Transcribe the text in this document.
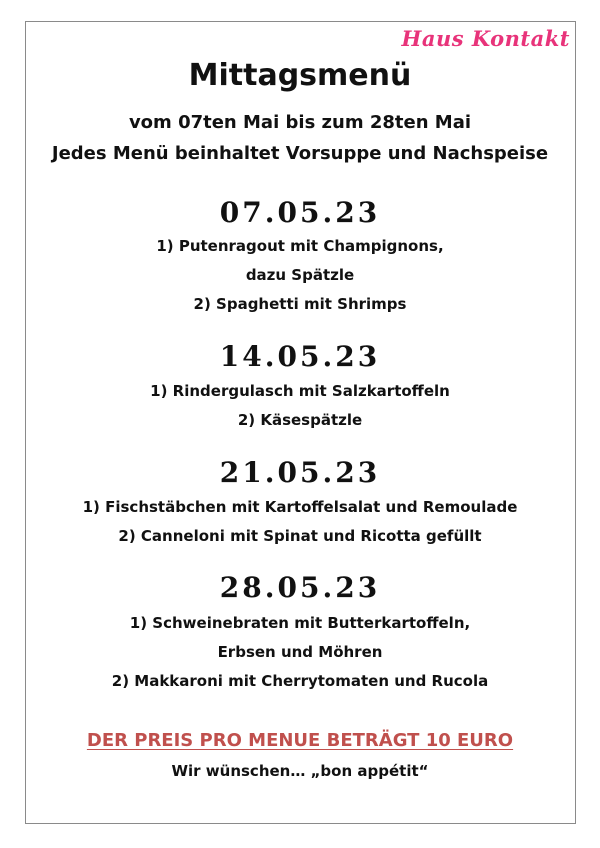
Haus Kontakt
Mittagsmenü
vom 07ten Mai bis zum 28ten Mai
Jedes Menü beinhaltet Vorsuppe und Nachspeise
07.05.23
1) Putenragout mit Champignons,
dazu Spätzle
2) Spaghetti mit Shrimps
14.05.23
1) Rindergulasch mit Salzkartoffeln
2) Käsespätzle
21.05.23
1) Fischstäbchen mit Kartoffelsalat und Remoulade
2) Canneloni mit Spinat und Ricotta gefüllt
28.05.23
1) Schweinebraten mit Butterkartoffeln,
Erbsen und Möhren
2) Makkaroni mit Cherrytomaten und Rucola
DER PREIS PRO MENUE BETRÄGT 10 EURO
Wir wünschen… „bon appétit“
